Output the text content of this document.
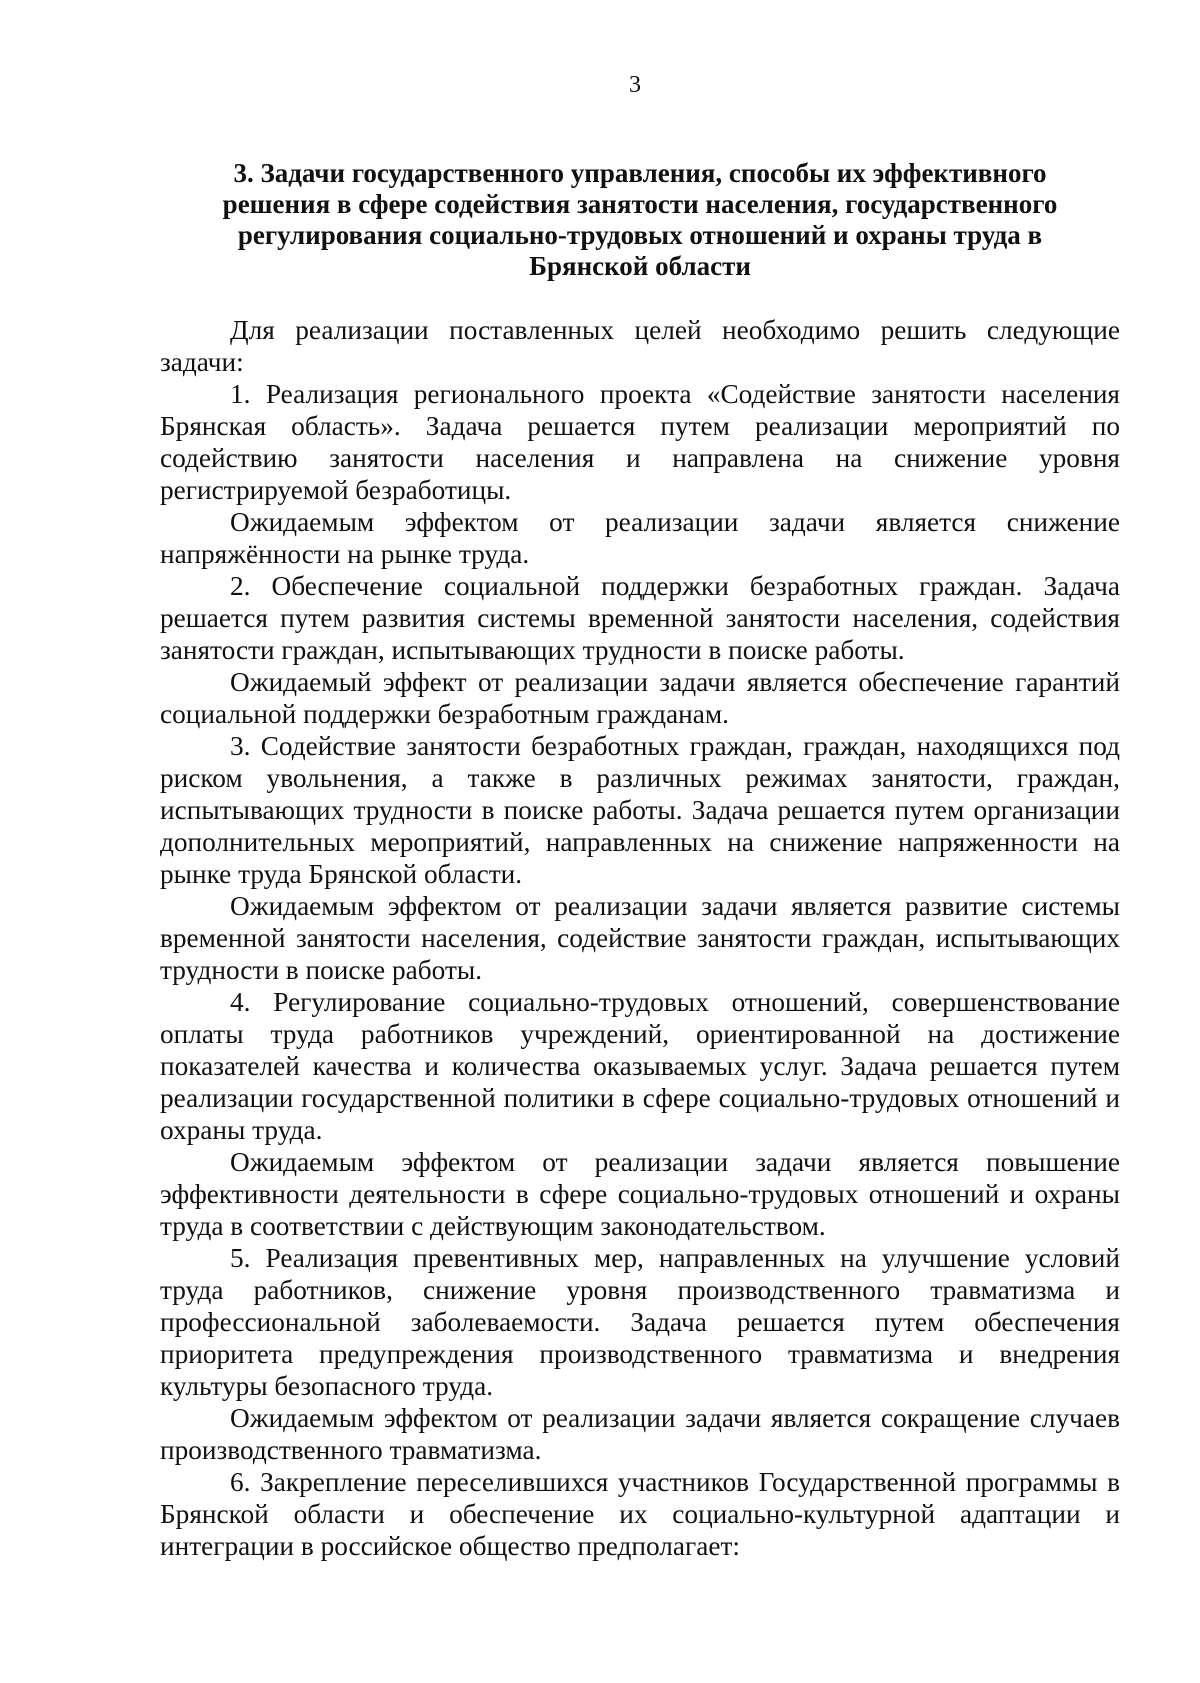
3
3. Задачи государственного управления, способы их эффективного
решения в сфере содействия занятости населения, государственного
регулирования социально-трудовых отношений и охраны труда в
Брянской области

Для реализации поставленных целей необходимо решить следующие задачи:

1. Реализация регионального проекта «Содействие занятости населения Брянская область». Задача решается путем реализации мероприятий по содействию занятости населения и направлена на снижение уровня регистрируемой безработицы.

Ожидаемым эффектом от реализации задачи является снижение напряжённости на рынке труда.

2. Обеспечение социальной поддержки безработных граждан. Задача решается путем развития системы временной занятости населения, содействия занятости граждан, испытывающих трудности в поиске работы.

Ожидаемый эффект от реализации задачи является обеспечение гарантий социальной поддержки безработным гражданам.

3. Содействие занятости безработных граждан, граждан, находящихся под риском увольнения, а также в различных режимах занятости, граждан, испытывающих трудности в поиске работы. Задача решается путем организации дополнительных мероприятий, направленных на снижение напряженности на рынке труда Брянской области.

Ожидаемым эффектом от реализации задачи является развитие системы временной занятости населения, содействие занятости граждан, испытывающих трудности в поиске работы.

4. Регулирование социально-трудовых отношений, совершенствование оплаты труда работников учреждений, ориентированной на достижение показателей качества и количества оказываемых услуг. Задача решается путем реализации государственной политики в сфере социально-трудовых отношений и охраны труда.

Ожидаемым эффектом от реализации задачи является повышение эффективности деятельности в сфере социально-трудовых отношений и охраны труда в соответствии с действующим законодательством.

5. Реализация превентивных мер, направленных на улучшение условий труда работников, снижение уровня производственного травматизма и профессиональной заболеваемости. Задача решается путем обеспечения приоритета предупреждения производственного травматизма и внедрения культуры безопасного труда.

Ожидаемым эффектом от реализации задачи является сокращение случаев производственного травматизма.

6. Закрепление переселившихся участников Государственной программы в Брянской области и обеспечение их социально-культурной адаптации и интеграции в российское общество предполагает:
